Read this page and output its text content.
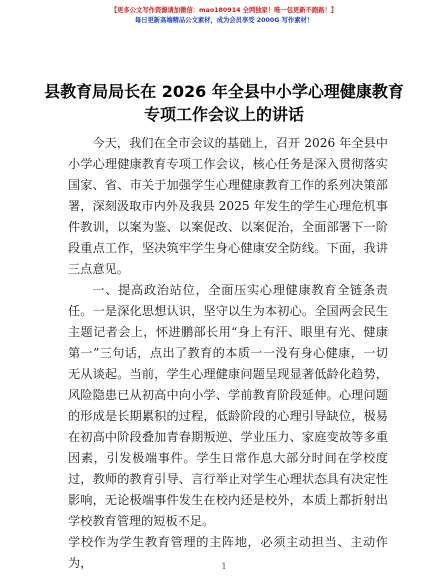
【更多公文写作资源请加微信：mao180914 全网独家！唯一包更新不跑路！】
每日更新高端精品公文素材，成为会员享受 2000G 写作素材！
县教育局局长在 2026 年全县中小学心理健康教育专项工作会议上的讲话

今天，我们在全市会议的基础上，召开 2026 年全县中小学心理健康教育专项工作会议，核心任务是深入贯彻落实国家、省、市关于加强学生心理健康教育工作的系列决策部署，深刻汲取市内外及我县 2025 年发生的学生心理危机事件教训，以案为鉴、以案促改、以案促治，全面部署下一阶段重点工作，坚决筑牢学生身心健康安全防线。下面，我讲三点意见。

一、提高政治站位，全面压实心理健康教育全链条责任。一是深化思想认识，坚守以生为本初心。全国两会民生主题记者会上，怀进鹏部长用“身上有汗、眼里有光、健康第一”三句话，点出了教育的本质一一没有身心健康，一切无从谈起。当前，学生心理健康问题呈现显著低龄化趋势，风险隐患已从初高中向小学、学前教育阶段延伸。心理问题的形成是长期累积的过程，低龄阶段的心理引导缺位，极易在初高中阶段叠加青春期叛逆、学业压力、家庭变故等多重因素，引发极端事件。学生日常作息大部分时间在学校度过，教师的教育引导、言行举止对学生心理状态具有决定性影响，无论极端事件发生在校内还是校外，本质上都折射出学校教育管理的短板不足。

学校作为学生教育管理的主阵地，必须主动担当、主动作为，	1
